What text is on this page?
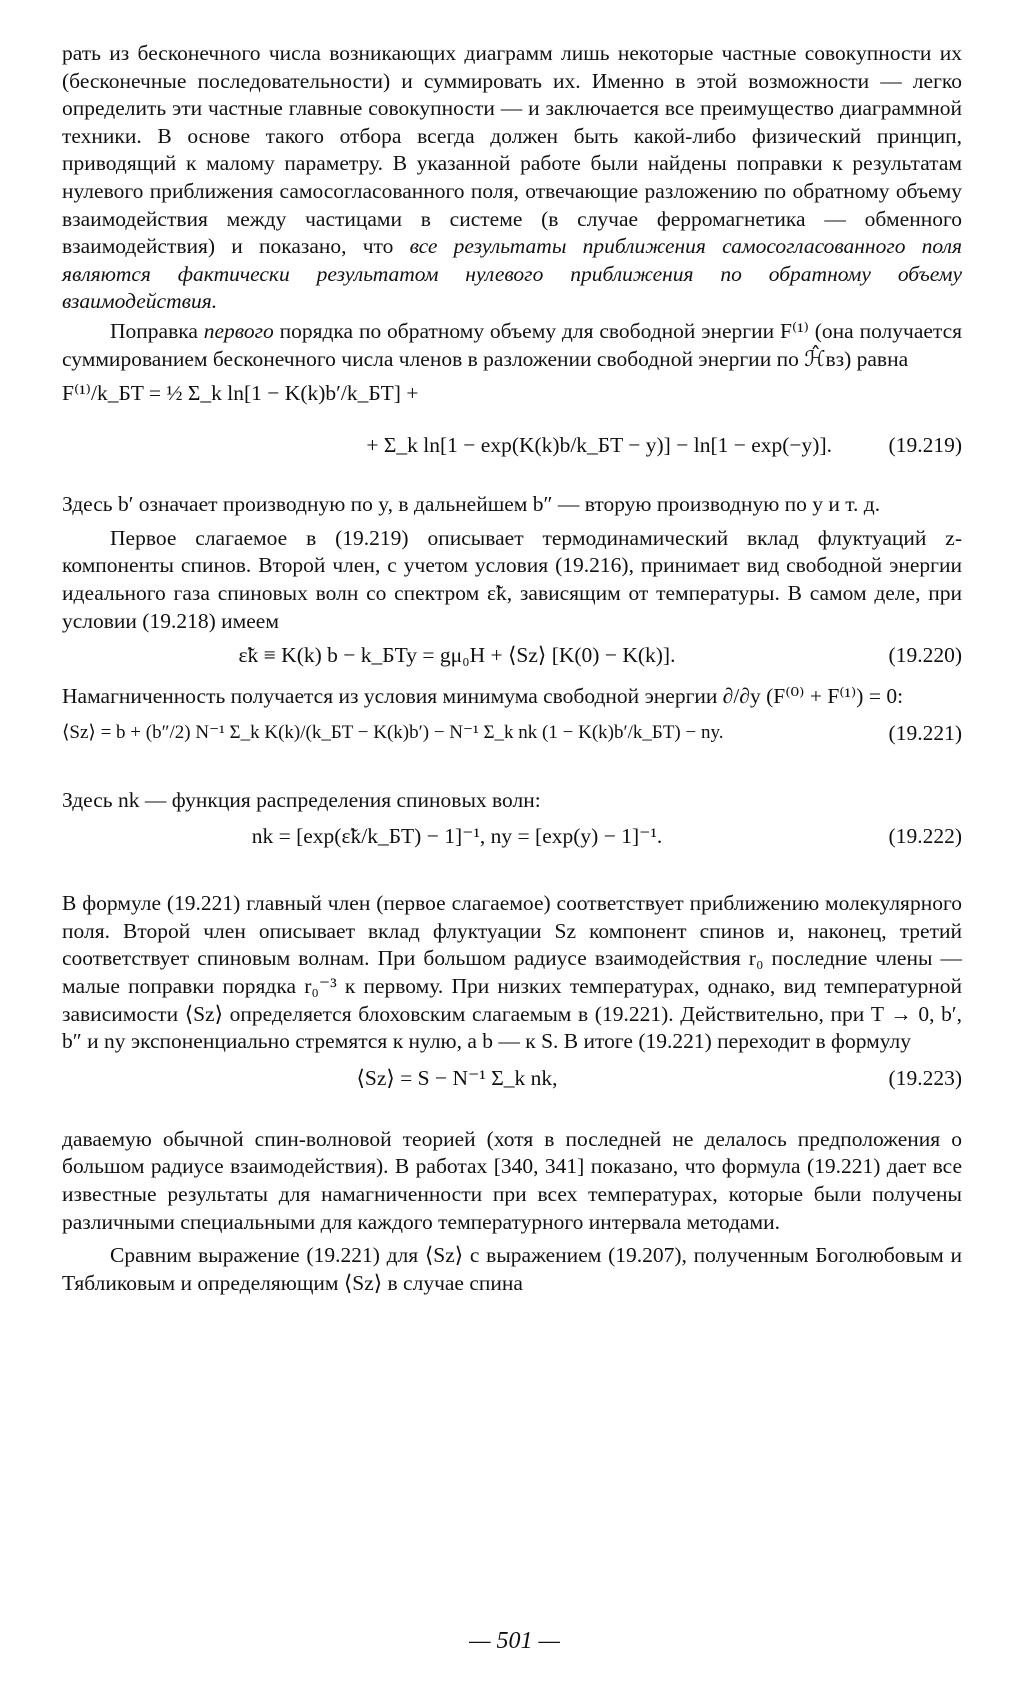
рать из бесконечного числа возникающих диаграмм лишь некоторые частные совокупности их (бесконечные последовательности) и суммировать их. Именно в этой возможности — легко определить эти частные главные совокупности — и заключается все преимущество диаграммной техники. В основе такого отбора всегда должен быть какой-либо физический принцип, приводящий к малому параметру. В указанной работе были найдены поправки к результатам нулевого приближения самосогласованного поля, отвечающие разложению по обратному объему взаимодействия между частицами в системе (в случае ферромагнетика — обменного взаимодействия) и показано, что все результаты приближения самосогласованного поля являются фактически результатом нулевого приближения по обратному объему взаимодействия.

Поправка первого порядка по обратному объему для свободной энергии F⁽¹⁾ (она получается суммированием бесконечного числа членов в разложении свободной энергии по ℋ̂вз) равна

F⁽¹⁾/k_БT = ½ Σ_k ln[1 − K(k)b′/k_БT] +
+ Σ_k ln[1 − exp(K(k)b/k_БT − y)] − ln[1 − exp(−y)].	(19.219)

Здесь b′ означает производную по y, в дальнейшем b″ — вторую производную по y и т. д.

Первое слагаемое в (19.219) описывает термодинамический вклад флуктуаций z-компоненты спинов. Второй член, с учетом условия (19.216), принимает вид свободной энергии идеального газа спиновых волн со спектром ε̃k, зависящим от температуры. В самом деле, при условии (19.218) имеем

ε̃k ≡ K(k) b − k_БTy = gμ₀H + ⟨Sz⟩ [K(0) − K(k)].	(19.220)

Намагниченность получается из условия минимума свободной энергии ∂/∂y (F⁽⁰⁾ + F⁽¹⁾) = 0:

⟨Sz⟩ = b + (b″/2) N⁻¹ Σ_k K(k)/(k_БT − K(k)b′) − N⁻¹ Σ_k nk (1 − K(k)b′/k_БT) − ny.	(19.221)

Здесь nk — функция распределения спиновых волн:

nk = [exp(ε̃k/k_БT) − 1]⁻¹, ny = [exp(y) − 1]⁻¹.	(19.222)

В формуле (19.221) главный член (первое слагаемое) соответствует приближению молекулярного поля. Второй член описывает вклад флуктуации Sz компонент спинов и, наконец, третий соответствует спиновым волнам. При большом радиусе взаимодействия r₀ последние члены — малые поправки порядка r₀⁻³ к первому. При низких температурах, однако, вид температурной зависимости ⟨Sz⟩ определяется блоховским слагаемым в (19.221). Действительно, при T → 0, b′, b″ и ny экспоненциально стремятся к нулю, а b — к S. В итоге (19.221) переходит в формулу

⟨Sz⟩ = S − N⁻¹ Σ_k nk,	(19.223)

даваемую обычной спин-волновой теорией (хотя в последней не делалось предположения о большом радиусе взаимодействия). В работах [340, 341] показано, что формула (19.221) дает все известные результаты для намагниченности при всех температурах, которые были получены различными специальными для каждого температурного интервала методами.

Сравним выражение (19.221) для ⟨Sz⟩ с выражением (19.207), полученным Боголюбовым и Тябликовым и определяющим ⟨Sz⟩ в случае спина

— 501 —
